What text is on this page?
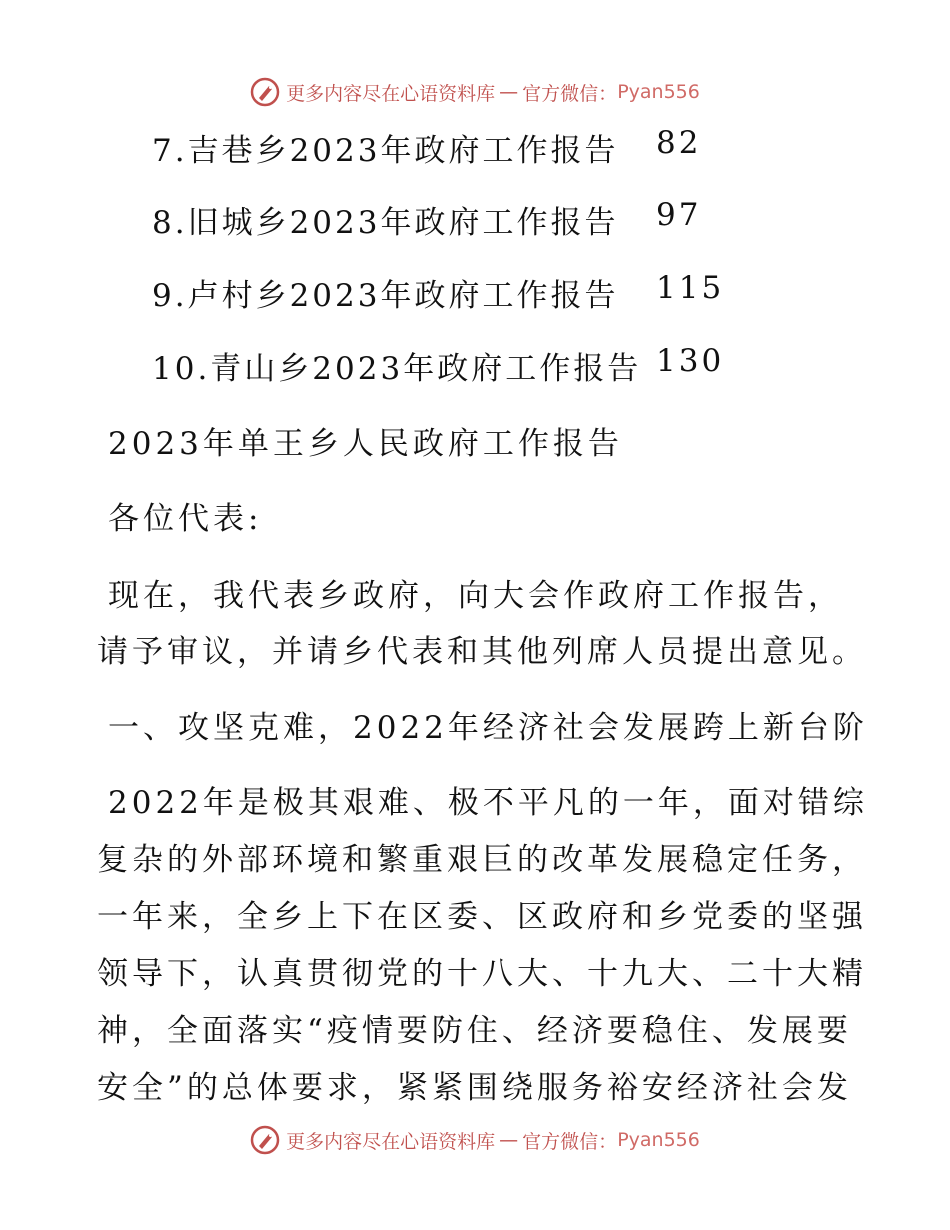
更多内容尽在心语资料库 — 官方微信： Pyan556
7.吉巷乡2023年政府工作报告 82
8.旧城乡2023年政府工作报告 97
9.卢村乡2023年政府工作报告 115
10.青山乡2023年政府工作报告 130
2023年单王乡人民政府工作报告
各位代表:
现在，我代表乡政府，向大会作政府工作报告，
请予审议，并请乡代表和其他列席人员提出意见。
一、攻坚克难，2022年经济社会发展跨上新台阶
2022年是极其艰难、极不平凡的一年，面对错综
复杂的外部环境和繁重艰巨的改革发展稳定任务，
一年来，全乡上下在区委、区政府和乡党委的坚强
领导下，认真贯彻党的十八大、十九大、二十大精
神，全面落实“疫情要防住、经济要稳住、发展要
安全”的总体要求，紧紧围绕服务裕安经济社会发
更多内容尽在心语资料库 — 官方微信： Pyan556
